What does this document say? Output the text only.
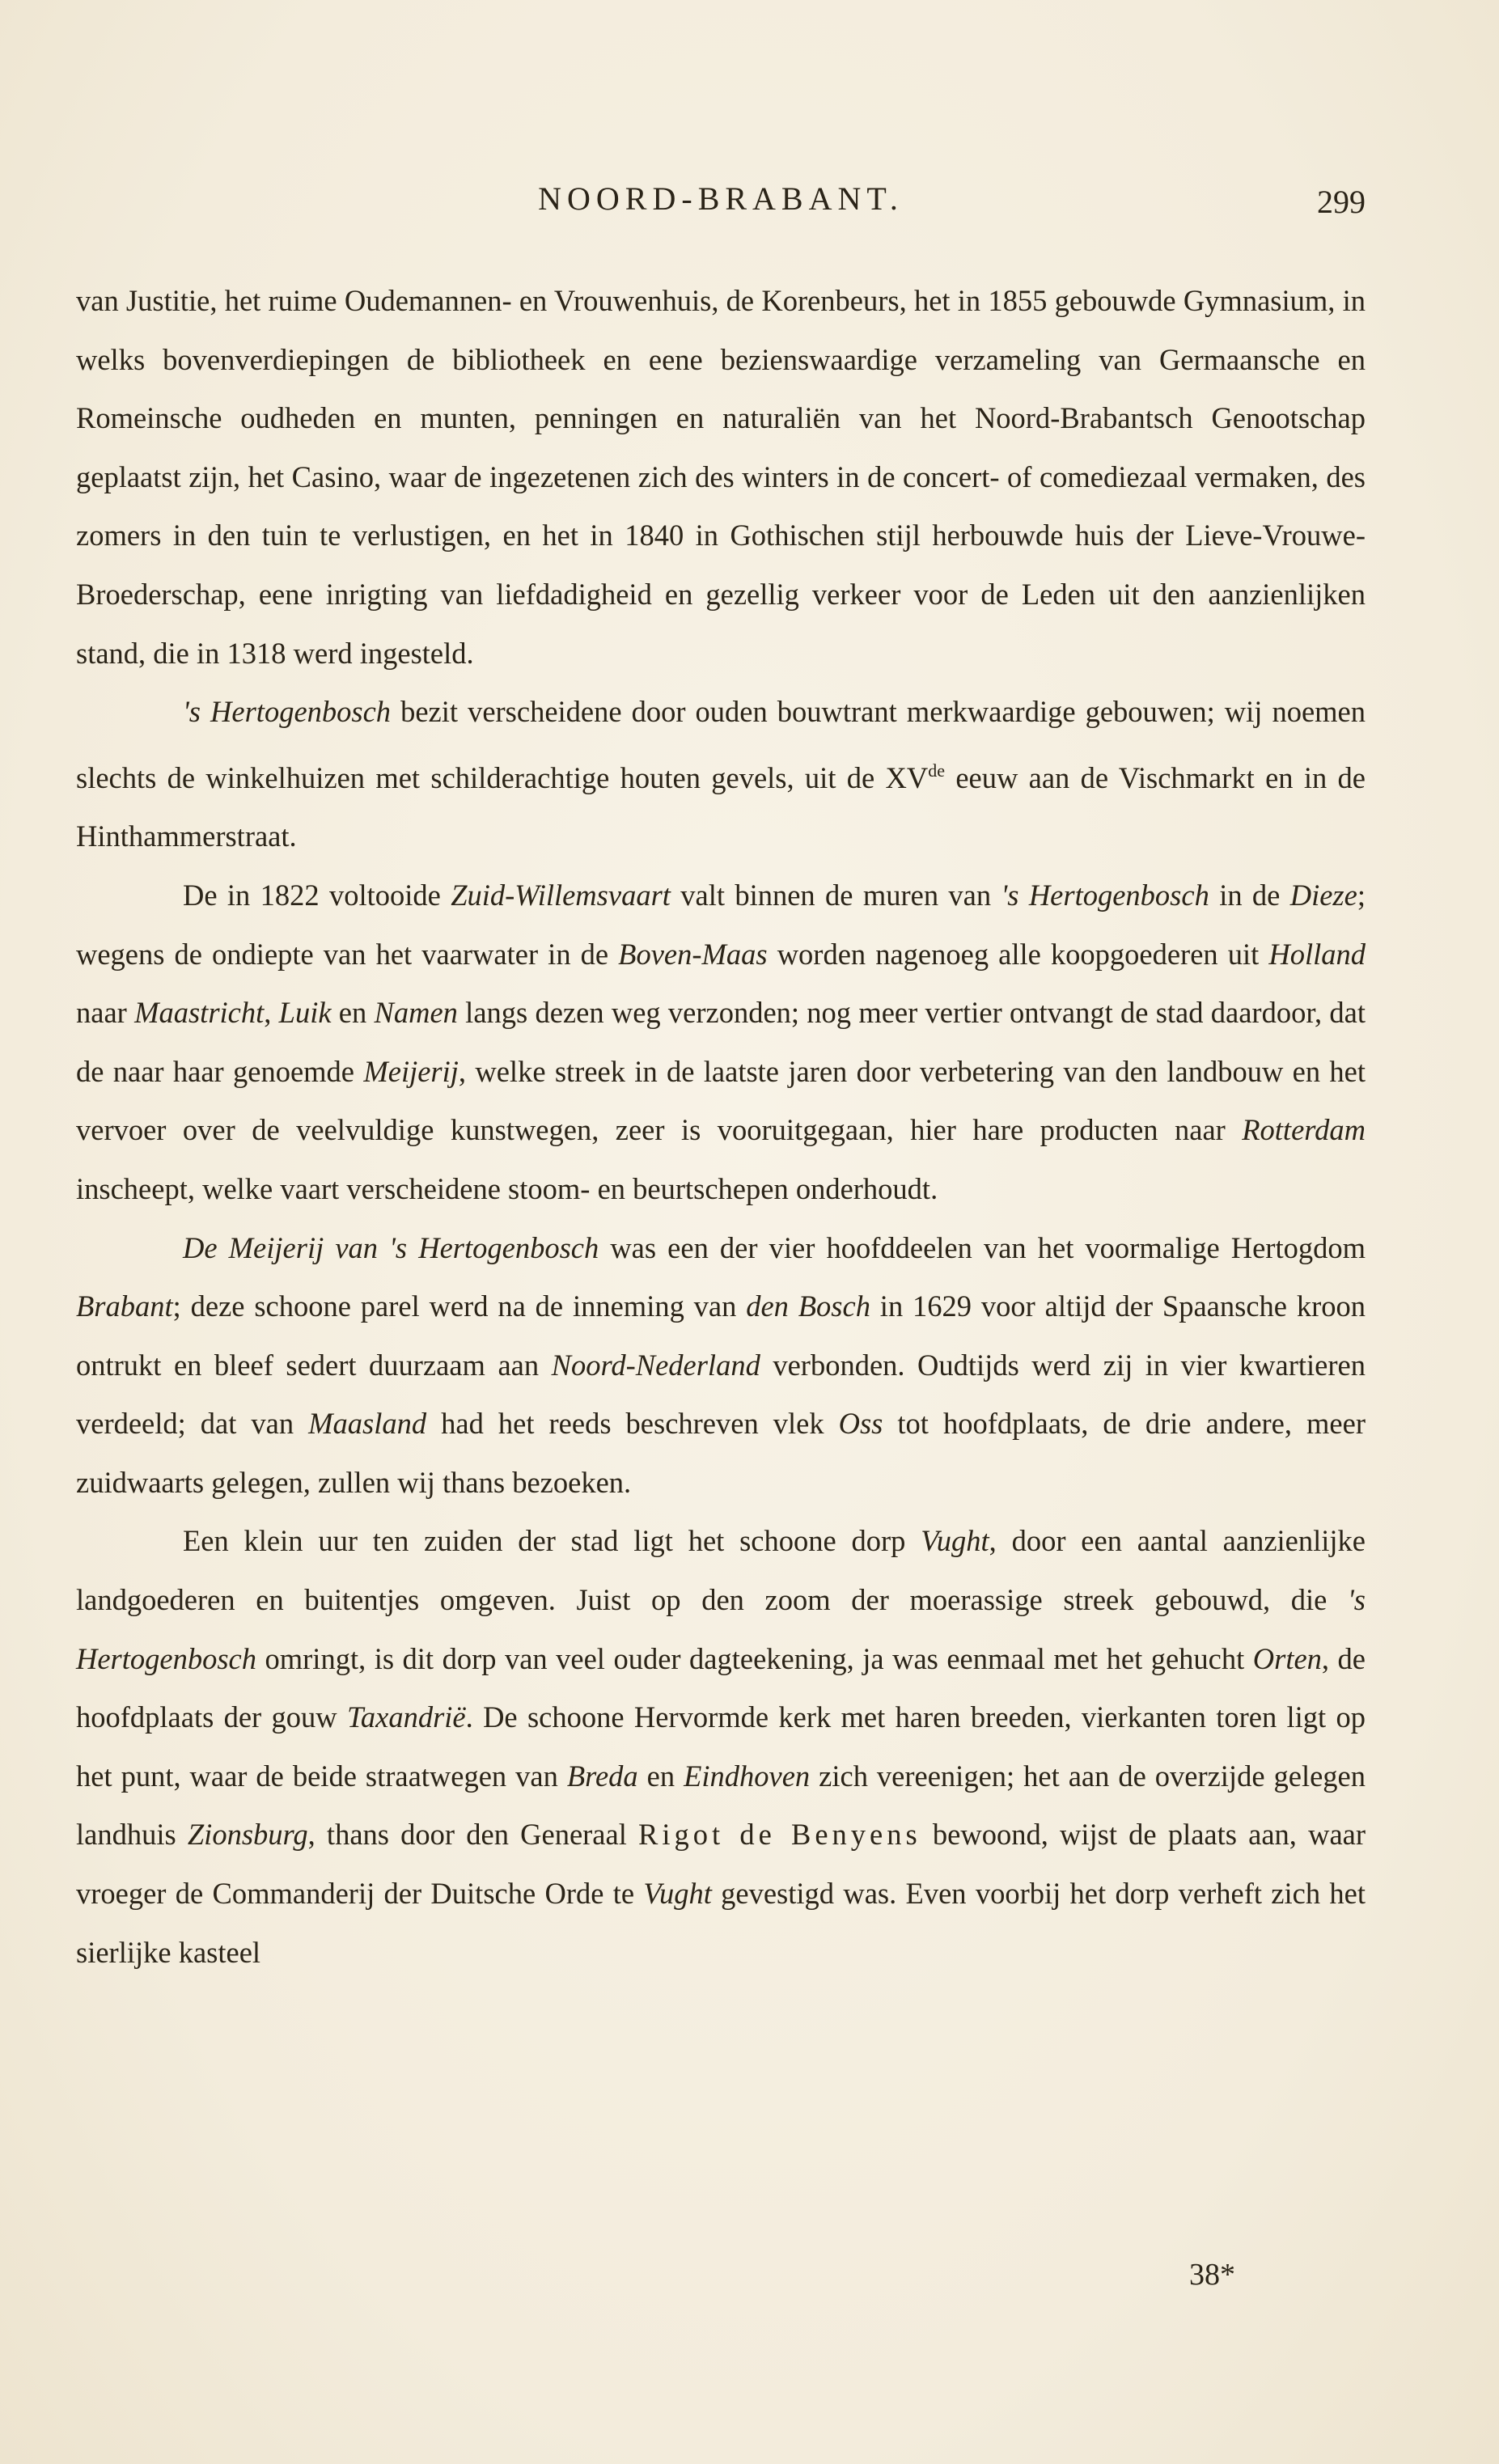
NOORD-BRABANT.	299

van Justitie, het ruime Oudemannen- en Vrouwenhuis, de Korenbeurs, het in 1855 gebouwde Gymnasium, in welks bovenverdiepingen de bibliotheek en eene bezienswaardige verzameling van Germaansche en Romeinsche oudheden en munten, penningen en naturaliën van het Noord-Brabantsch Genootschap geplaatst zijn, het Casino, waar de ingezetenen zich des winters in de concert- of comediezaal vermaken, des zomers in den tuin te verlustigen, en het in 1840 in Gothischen stijl herbouwde huis der Lieve-Vrouwe-Broederschap, eene inrigting van liefdadigheid en gezellig verkeer voor de Leden uit den aanzienlijken stand, die in 1318 werd ingesteld.

's Hertogenbosch bezit verscheidene door ouden bouwtrant merkwaardige gebouwen; wij noemen slechts de winkelhuizen met schilderachtige houten gevels, uit de XVde eeuw aan de Vischmarkt en in de Hinthammerstraat.

De in 1822 voltooide Zuid-Willemsvaart valt binnen de muren van 's Hertogenbosch in de Dieze; wegens de ondiepte van het vaarwater in de Boven-Maas worden nagenoeg alle koopgoederen uit Holland naar Maastricht, Luik en Namen langs dezen weg verzonden; nog meer vertier ontvangt de stad daardoor, dat de naar haar genoemde Meijerij, welke streek in de laatste jaren door verbetering van den landbouw en het vervoer over de veelvuldige kunstwegen, zeer is vooruitgegaan, hier hare producten naar Rotterdam inscheept, welke vaart verscheidene stoom- en beurtschepen onderhoudt.

De Meijerij van 's Hertogenbosch was een der vier hoofddeelen van het voormalige Hertogdom Brabant; deze schoone parel werd na de inneming van den Bosch in 1629 voor altijd der Spaansche kroon ontrukt en bleef sedert duurzaam aan Noord-Nederland verbonden. Oudtijds werd zij in vier kwartieren verdeeld; dat van Maasland had het reeds beschreven vlek Oss tot hoofdplaats, de drie andere, meer zuidwaarts gelegen, zullen wij thans bezoeken.

Een klein uur ten zuiden der stad ligt het schoone dorp Vught, door een aantal aanzienlijke landgoederen en buitentjes omgeven. Juist op den zoom der moerassige streek gebouwd, die 's Hertogenbosch omringt, is dit dorp van veel ouder dagteekening, ja was eenmaal met het gehucht Orten, de hoofdplaats der gouw Taxandrië. De schoone Hervormde kerk met haren breeden, vierkanten toren ligt op het punt, waar de beide straatwegen van Breda en Eindhoven zich vereenigen; het aan de overzijde gelegen landhuis Zionsburg, thans door den Generaal Rigot de Benyens bewoond, wijst de plaats aan, waar vroeger de Commanderij der Duitsche Orde te Vught gevestigd was. Even voorbij het dorp verheft zich het sierlijke kasteel

38*
